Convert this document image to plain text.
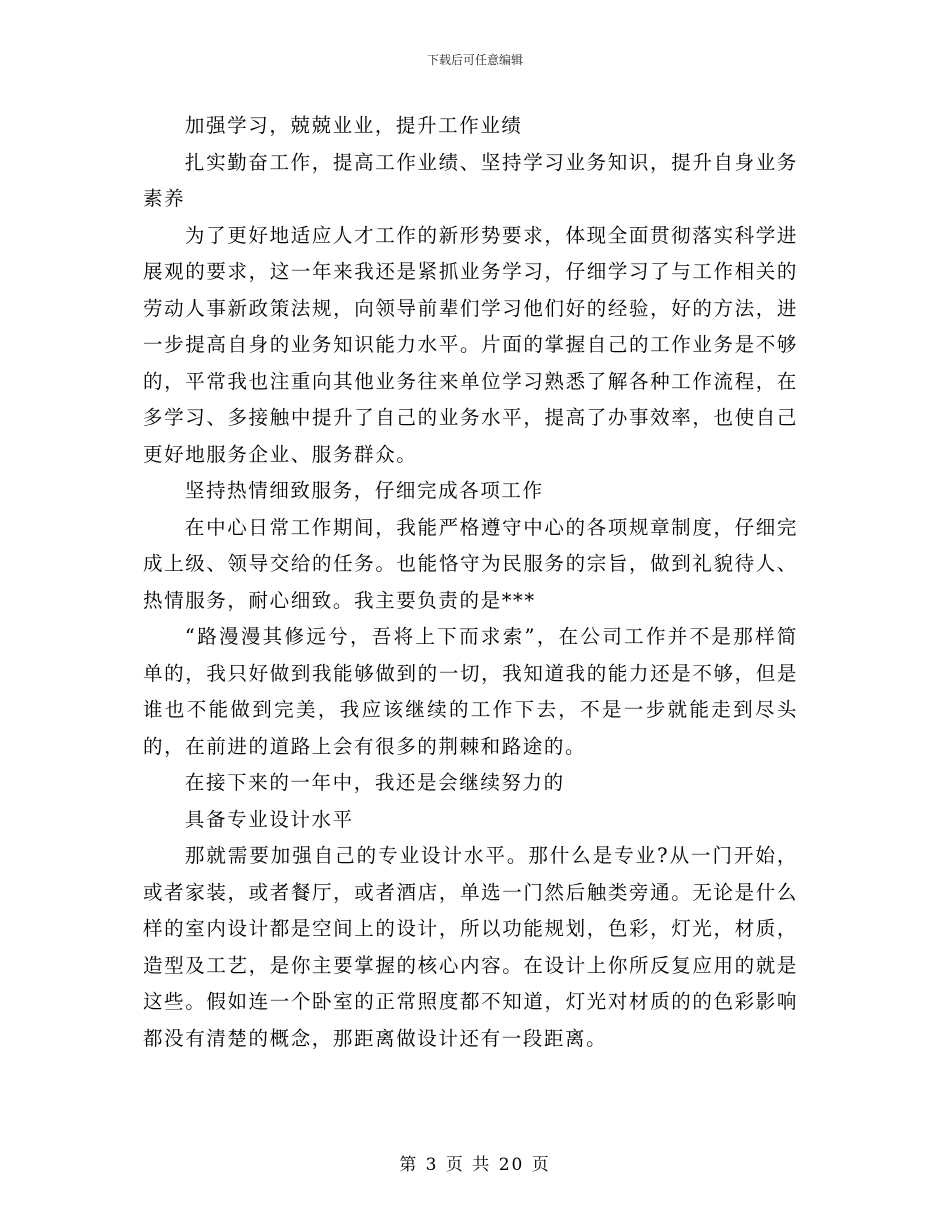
下载后可任意编辑

加强学习，兢兢业业，提升工作业绩

扎实勤奋工作，提高工作业绩、坚持学习业务知识，提升自身业务素养

为了更好地适应人才工作的新形势要求，体现全面贯彻落实科学进展观的要求，这一年来我还是紧抓业务学习，仔细学习了与工作相关的劳动人事新政策法规，向领导前辈们学习他们好的经验，好的方法，进一步提高自身的业务知识能力水平。片面的掌握自己的工作业务是不够的，平常我也注重向其他业务往来单位学习熟悉了解各种工作流程，在多学习、多接触中提升了自己的业务水平，提高了办事效率，也使自己更好地服务企业、服务群众。

坚持热情细致服务，仔细完成各项工作

在中心日常工作期间，我能严格遵守中心的各项规章制度，仔细完成上级、领导交给的任务。也能恪守为民服务的宗旨，做到礼貌待人、热情服务，耐心细致。我主要负责的是***

“路漫漫其修远兮，吾将上下而求索”，在公司工作并不是那样简单的，我只好做到我能够做到的一切，我知道我的能力还是不够，但是谁也不能做到完美，我应该继续的工作下去，不是一步就能走到尽头的，在前进的道路上会有很多的荆棘和路途的。

在接下来的一年中，我还是会继续努力的

具备专业设计水平

那就需要加强自己的专业设计水平。那什么是专业?从一门开始，或者家装，或者餐厅，或者酒店，单选一门然后触类旁通。无论是什么样的室内设计都是空间上的设计，所以功能规划，色彩，灯光，材质，造型及工艺，是你主要掌握的核心内容。在设计上你所反复应用的就是这些。假如连一个卧室的正常照度都不知道，灯光对材质的的色彩影响都没有清楚的概念，那距离做设计还有一段距离。

第 3 页 共 20 页
